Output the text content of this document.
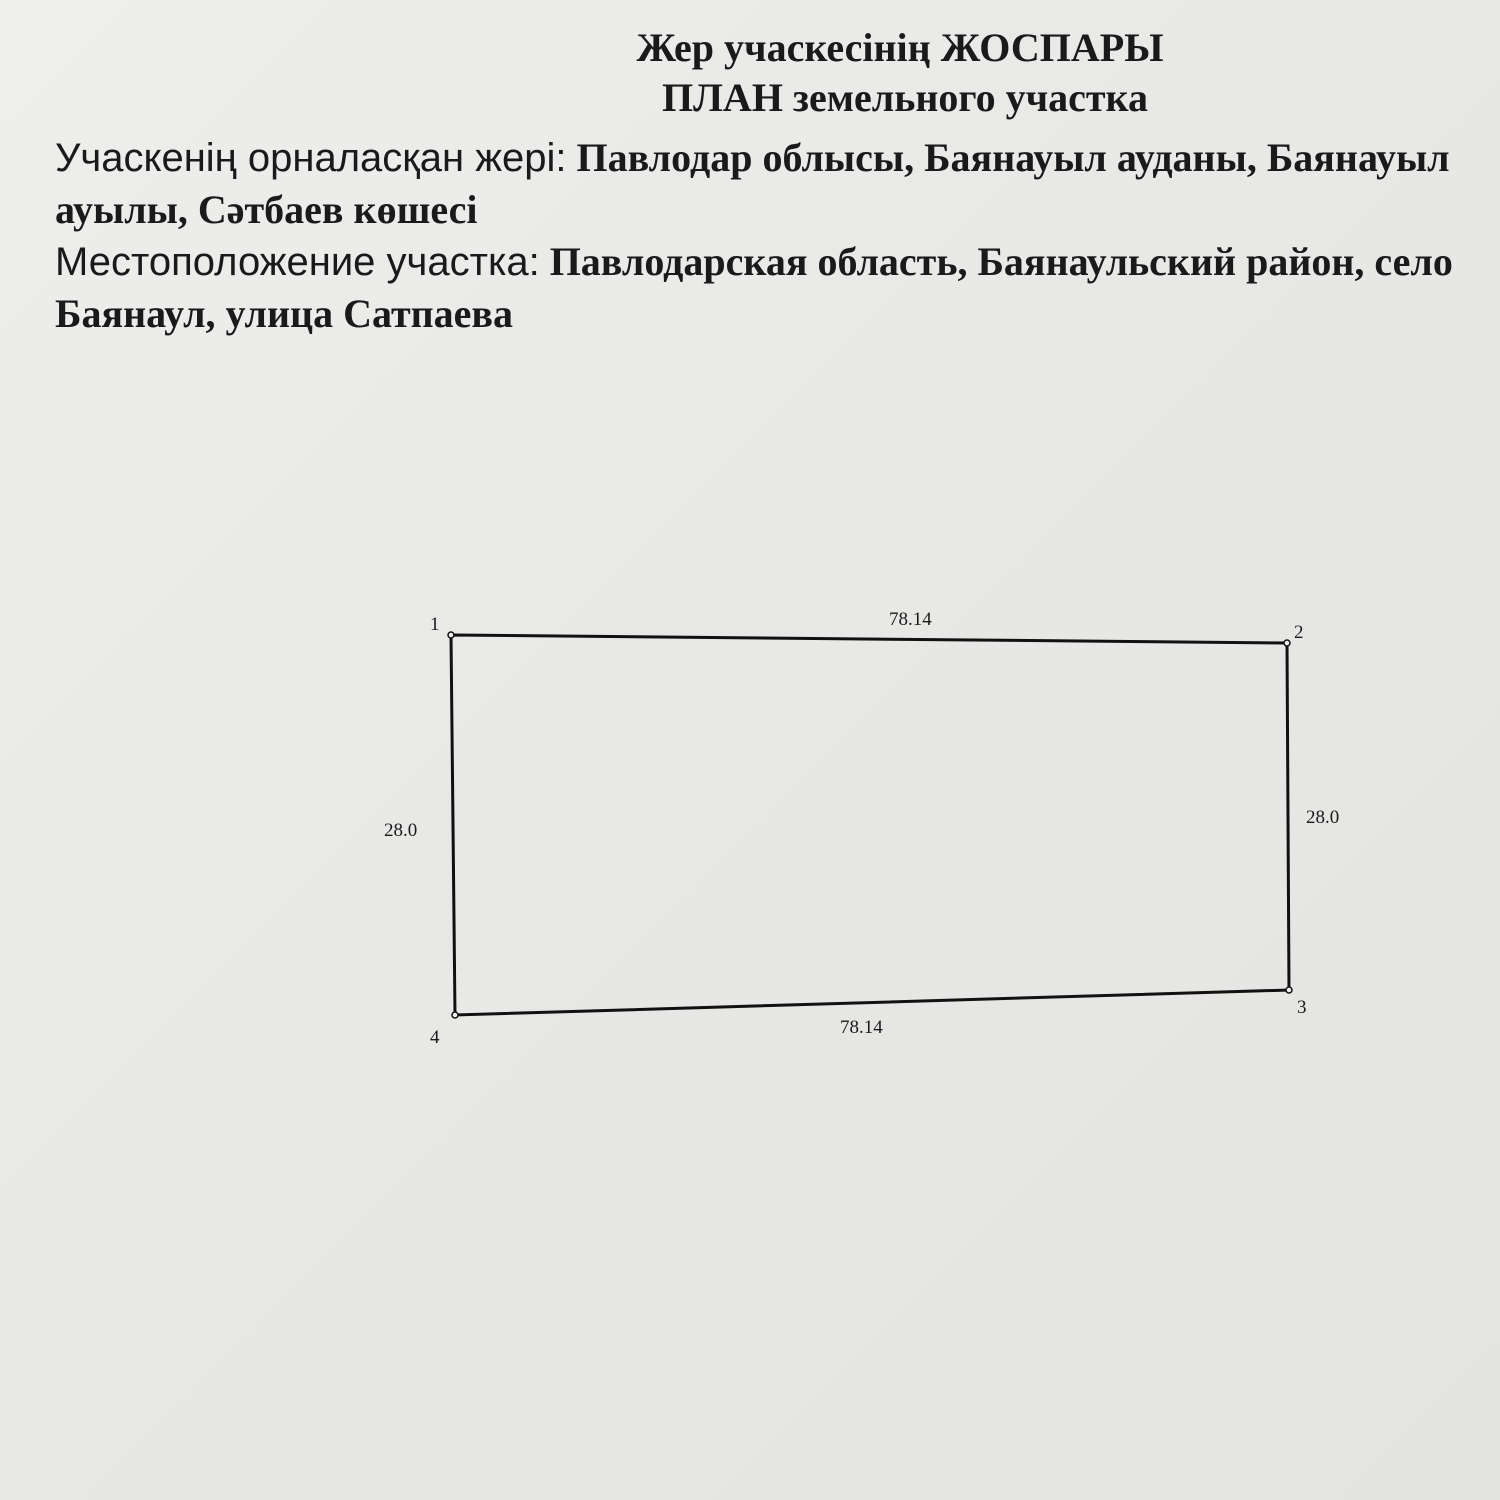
Жер учаскесінің ЖОСПАРЫ
ПЛАН земельного участка
Учаскенің орналасқан жері: Павлодар облысы, Баянауыл ауданы, Баянауыл ауылы, Сәтбаев көшесі
Местоположение участка: Павлодарская область, Баянаульский район, село Баянаул, улица Сатпаева
1	2
3
4
78.14
28.0
78.14
28.0
